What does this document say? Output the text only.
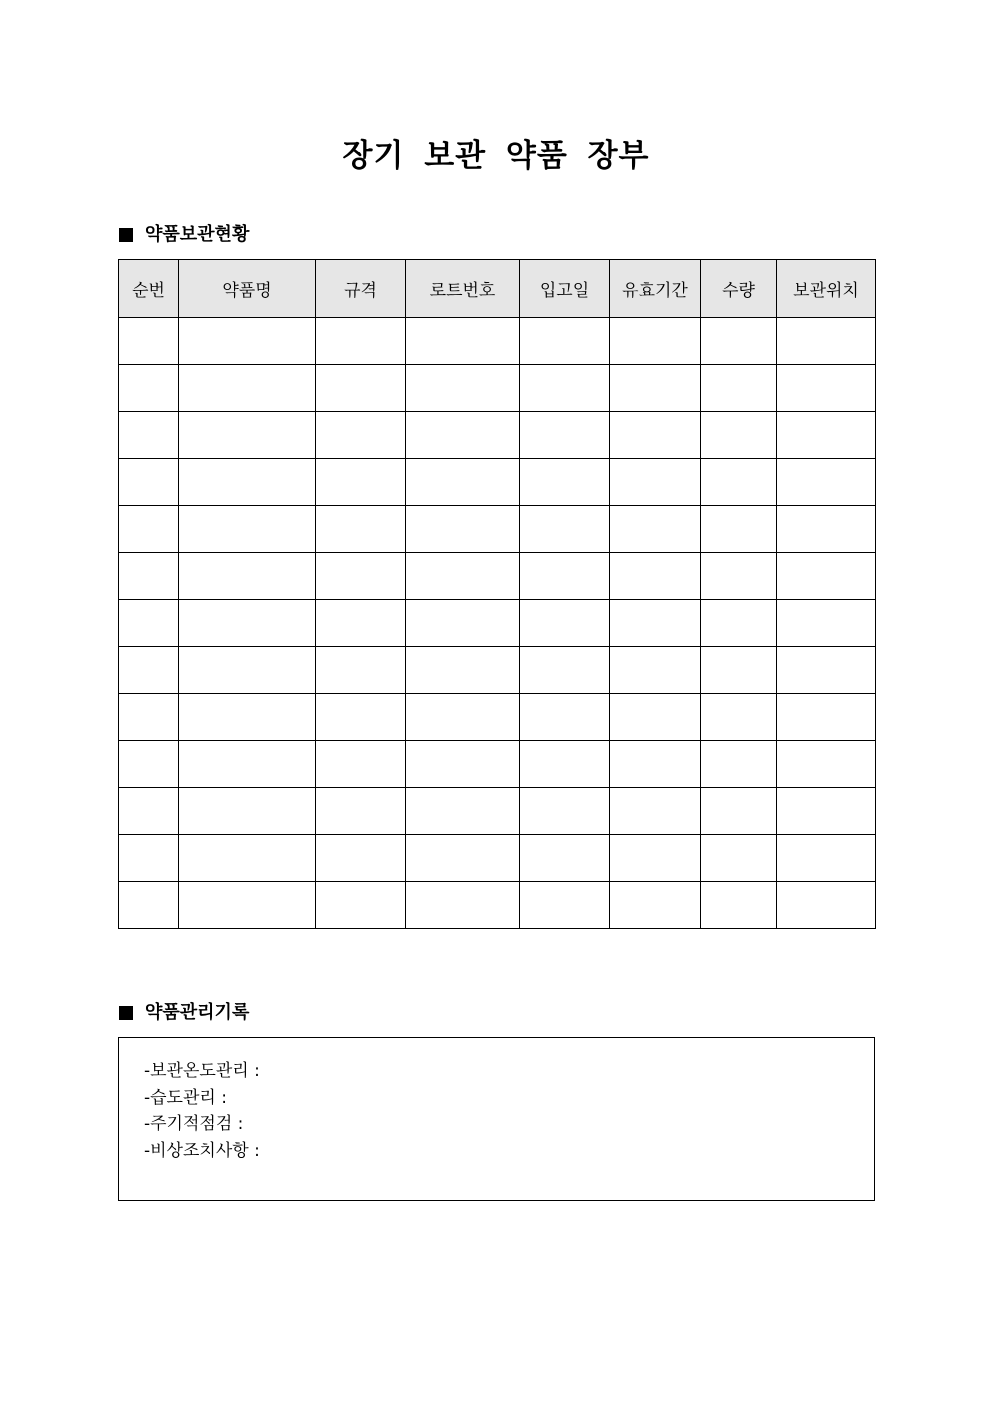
장기 보관 약품 장부
약품보관현황
순번	약품명	규격	로트번호	입고일	유효기간	수량	보관위치

약품관리기록
-보관온도관리 :
-습도관리 :
-주기적점검 :
-비상조치사항 :
